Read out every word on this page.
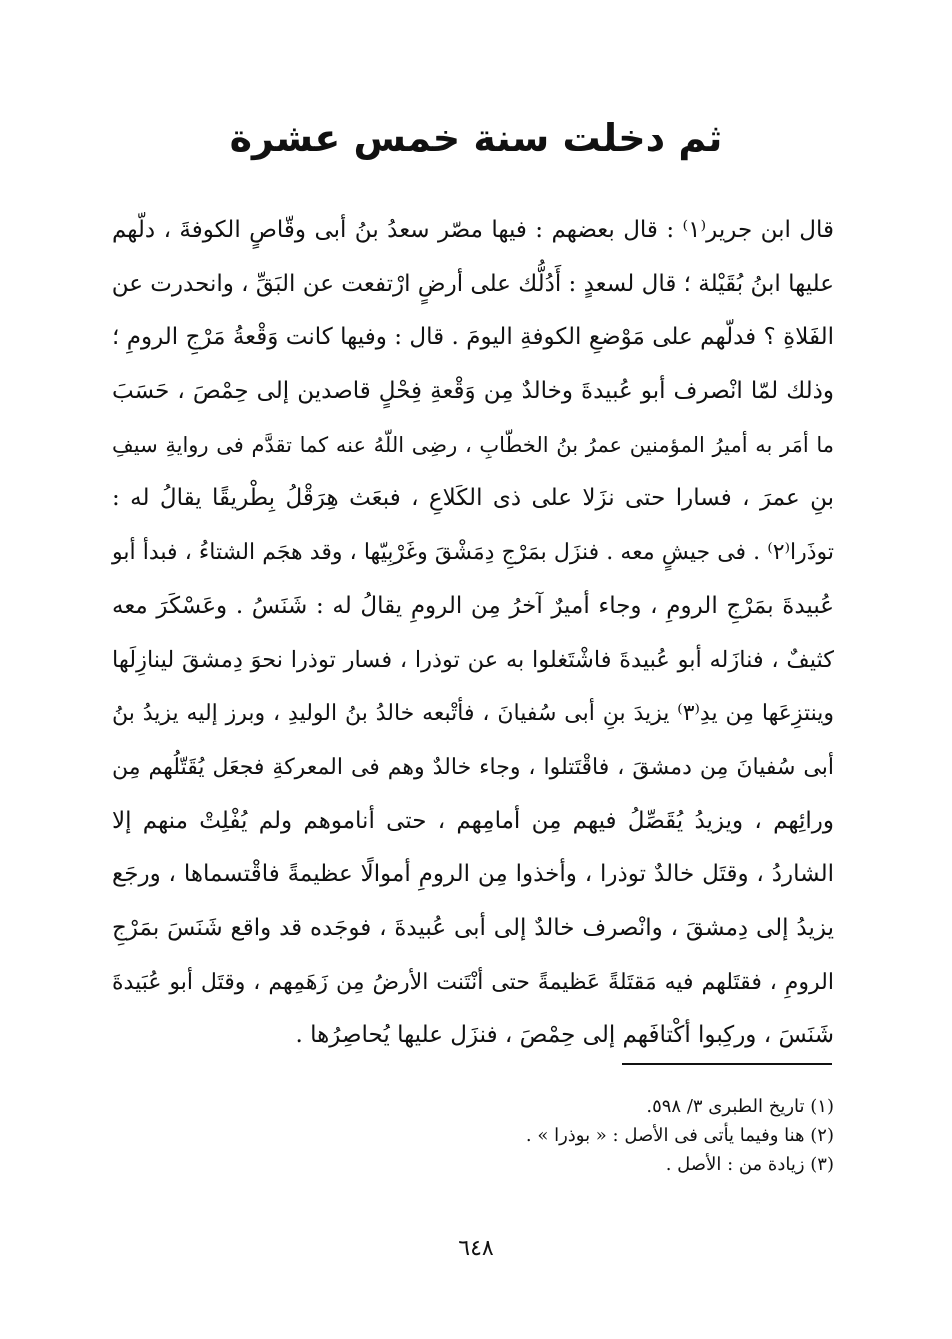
ثم دخلت سنة خمس عشرة
قال ابن جرير⁽١⁾ : قال بعضهم : فيها مصّر سعدُ بنُ أبى وقّاصٍ الكوفةَ ، دلّهم
عليها ابنُ بُقَيْلة ؛ قال لسعدٍ : أَدُلُّك على أرضٍ ارْتفعت عن البَقِّ ، وانحدرت عن
الفَلاةِ ؟ فدلّهم على مَوْضعِ الكوفةِ اليومَ . قال : وفيها كانت وَقْعةُ مَرْجِ الرومِ ؛
وذلك لمّا انْصرف أبو عُبيدةَ وخالدٌ مِن وَقْعةِ فِحْلٍ قاصدين إلى حِمْصَ ، حَسَبَ
ما أمَر به أميرُ المؤمنين عمرُ بنُ الخطّابِ ، رضِى اللّهُ عنه كما تقدَّم فى روايةِ سيفِ
بنِ عمرَ ، فسارا حتى نزَلا على ذى الكَلاعِ ، فبعَث هِرَقْلُ بِطْريقًا يقالُ له :
توذَرا⁽٢⁾ . فى جيشٍ معه . فنزَل بمَرْجِ دِمَشْقَ وغَرْبِيّها ، وقد هجَم الشتاءُ ، فبدأ أبو
عُبيدةَ بمَرْجِ الرومِ ، وجاء أميرٌ آخرُ مِن الرومِ يقالُ له : شَنَسُ . وعَسْكَرَ معه
كثيفٌ ، فنازَله أبو عُبيدةَ فاشْتَغلوا به عن توذرا ، فسار توذرا نحوَ دِمشقَ لينازِلَها
وينتزِعَها مِن يدِ⁽٣⁾ يزيدَ بنِ أبى سُفيانَ ، فأتْبعه خالدُ بنُ الوليدِ ، وبرز إليه يزيدُ بنُ
أبى سُفيانَ مِن دمشقَ ، فاقْتَتلوا ، وجاء خالدٌ وهم فى المعركةِ فجعَل يُقَتّلُهم مِن
ورائِهم ، ويزيدُ يُقَصِّلُ فيهم مِن أمامِهم ، حتى أناموهم ولم يُفْلِتْ منهم إلا
الشاردُ ، وقتَل خالدٌ توذرا ، وأخذوا مِن الرومِ أموالًا عظيمةً فاقْتسماها ، ورجَع
يزيدُ إلى دِمشقَ ، وانْصرف خالدٌ إلى أبى عُبيدةَ ، فوجَده قد واقع شَنَسَ بمَرْجِ
الرومِ ، فقتَلهم فيه مَقتَلةً عَظيمةً حتى أنْتَنت الأرضُ مِن زَهَمِهم ، وقتَل أبو عُبَيدةَ
شَنَسَ ، وركِبوا أكْتافَهم إلى حِمْصَ ، فنزَل عليها يُحاصِرُها .
(١) تاريخ الطبرى ٣/ ٥٩٨.
(٢) هنا وفيما يأتى فى الأصل : « بوذرا » .
(٣) زيادة من : الأصل .
٦٤٨
